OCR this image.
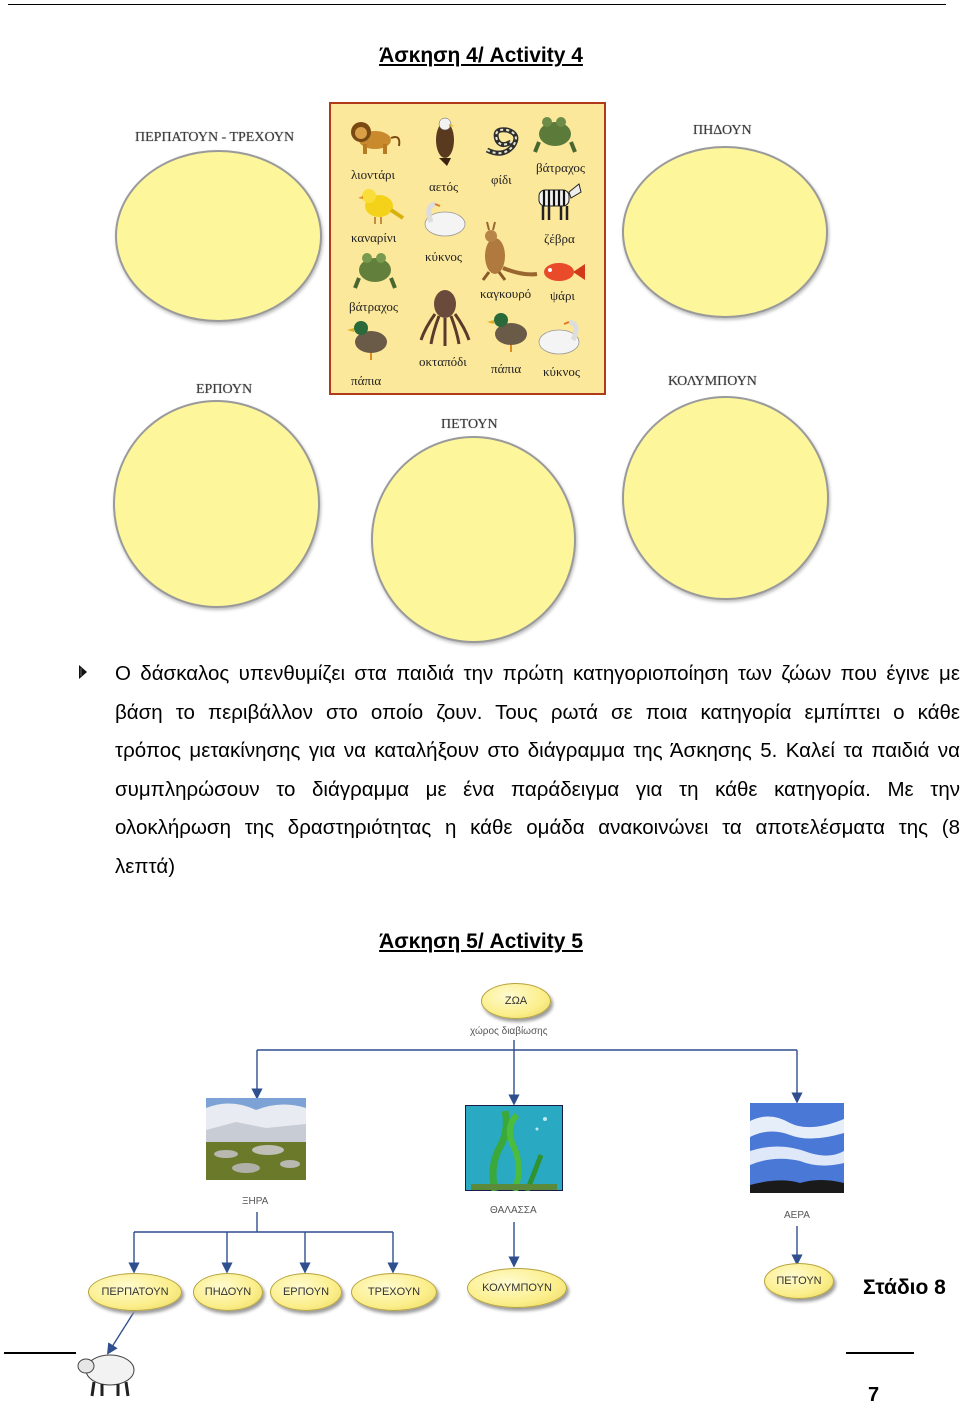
Άσκηση 4/ Activity 4
ΠΕΡΠΑΤΟΥΝ - ΤΡΕΧΟΥΝ	ΠΗΔΟΥΝ
ΕΡΠΟΥΝ
ΠΕΤΟΥΝ
ΚΟΛΥΜΠΟΥΝ
λιοντάρι
αετός	φίδι
βάτραχος
καναρίνι
κύκνος
ζέβρα
βάτραχος
καγκουρό ψάρι
πάπια
οκταπόδι πάπια κύκνος
Ο δάσκαλος υπενθυμίζει στα παιδιά την πρώτη κατηγοριοποίηση των ζώων που έγινε με βάση το περιβάλλον στο οποίο ζουν. Τους ρωτά σε ποια κατηγορία εμπίπτει ο κάθε τρόπος μετακίνησης για να καταλήξουν στο διάγραμμα της Άσκησης 5. Καλεί τα παιδιά να συμπληρώσουν το διάγραμμα με ένα παράδειγμα για τη κάθε κατηγορία. Με την ολοκλήρωση της δραστηριότητας η κάθε ομάδα ανακοινώνει τα αποτελέσματα της (8 λεπτά)
Άσκηση 5/ Activity 5
ΖΩΑ
χώρος διαβίωσης
ΞΗΡΑ
ΘΑΛΑΣΣΑ	ΑΕΡΑ
ΠΕΡΠΑΤΟΥΝ	ΠΗΔΟΥΝ	ΕΡΠΟΥΝ	ΤΡΕΧΟΥΝ	ΚΟΛΥΜΠΟΥΝ
ΠΕΤΟΥΝ	Στάδιο 8
7
